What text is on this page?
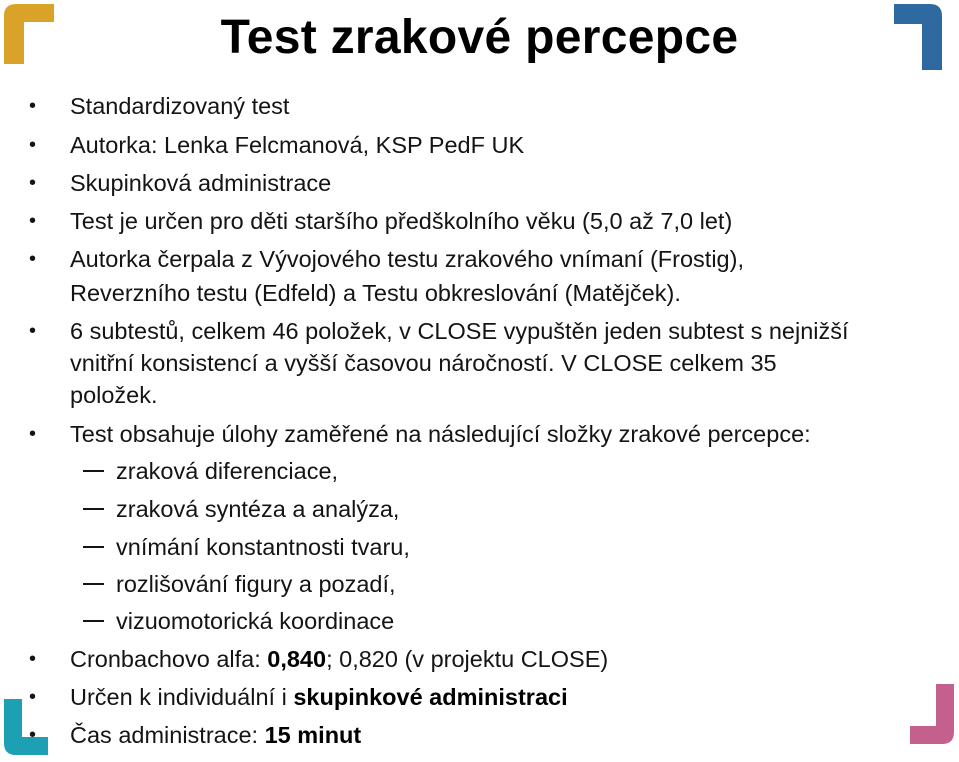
Test zrakové percepce
• Standardizovaný test
• Autorka: Lenka Felcmanová, KSP PedF UK
• Skupinková administrace
• Test je určen pro děti staršího předškolního věku (5,0 až 7,0 let)
• Autorka čerpala z Vývojového testu zrakového vnímaní (Frostig),
Reverzního testu (Edfeld) a Testu obkreslování (Matějček).
• 6 subtestů, celkem 46 položek, v CLOSE vypuštěn jeden subtest s nejnižší
vnitřní konsistencí a vyšší časovou náročností. V CLOSE celkem 35
položek.
• Test obsahuje úlohy zaměřené na následující složky zrakové percepce:
zraková diferenciace,
zraková syntéza a analýza,
vnímání konstantnosti tvaru,
rozlišování figury a pozadí,
vizuomotorická koordinace
• Cronbachovo alfa: 0,840; 0,820 (v projektu CLOSE)
• Určen k individuální i skupinkové administraci
• Čas administrace: 15 minut
